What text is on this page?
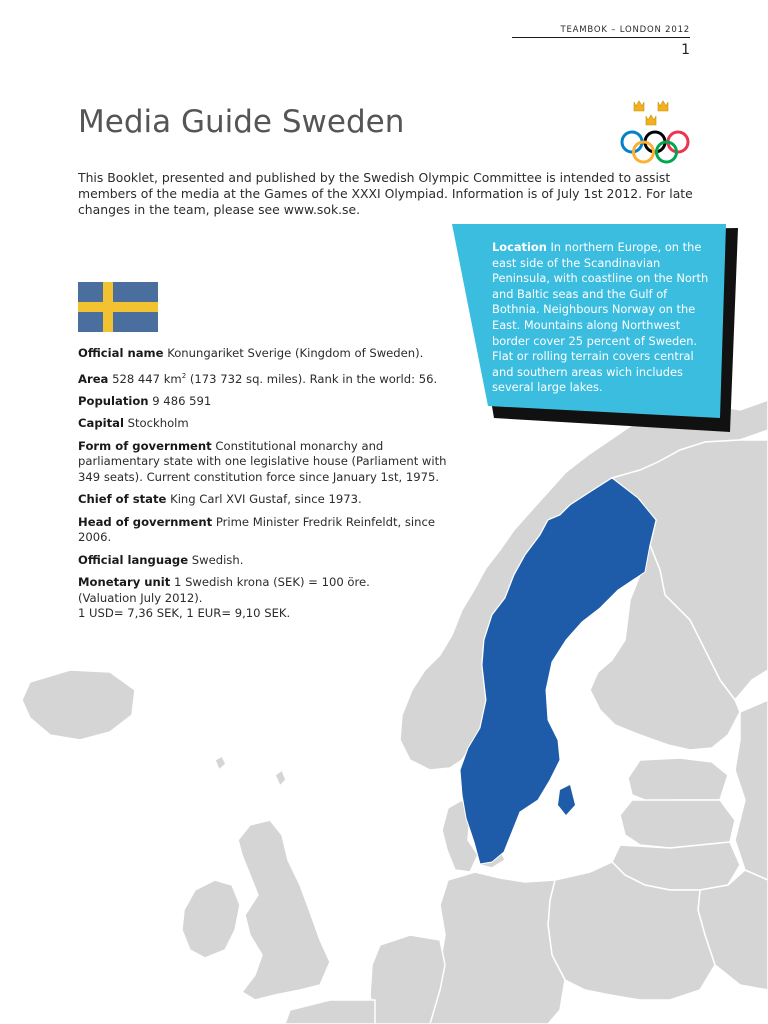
TEAMBOK – LONDON 2012
1
Media Guide Sweden

This Booklet, presented and published by the Swedish Olympic Committee is intended to assist members of the media at the Games of the XXXI Olympiad. Information is of July 1st 2012. For late changes in the team, please see www.sok.se.

Official name Konungariket Sverige (Kingdom of Sweden).

Area 528 447 $km^2$ (173 732 sq. miles). Rank in the world: 56.

Population 9 486 591

Capital Stockholm

Form of government Constitutional monarchy and parliamentary state with one legislative house (Parliament with 349 seats). Current constitution force since January 1st, 1975.

Chief of state King Carl XVI Gustaf, since 1973.

Head of government Prime Minister Fredrik Reinfeldt, since 2006.

Official language Swedish.

Monetary unit 1 Swedish krona (SEK) = 100 öre.
(Valuation July 2012).
1 USD= 7,36 SEK, 1 EUR= 9,10 SEK.

Location In northern Europe, on the east side of the Scandinavian Peninsula, with coastline on the North and Baltic seas and the Gulf of Bothnia. Neighbours Norway on the East. Mountains along Northwest border cover 25 percent of Sweden. Flat or rolling terrain covers central and southern areas wich includes several large lakes.
